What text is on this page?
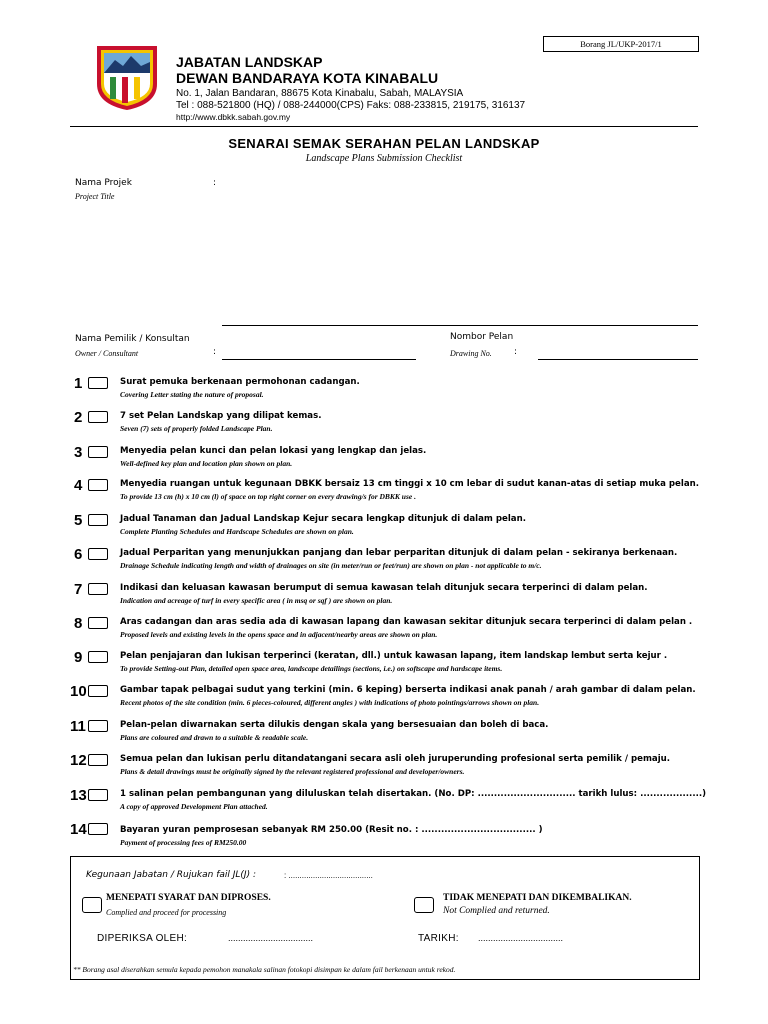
Borang JL/UKP-2017/1
JABATAN LANDSKAP
DEWAN BANDARAYA KOTA KINABALU
No. 1, Jalan Bandaran, 88675 Kota Kinabalu, Sabah, MALAYSIA
Tel : 088-521800 (HQ) / 088-244000(CPS) Faks: 088-233815, 219175, 316137
http://www.dbkk.sabah.gov.my
SENARAI SEMAK SERAHAN PELAN LANDSKAP
Landscape Plans Submission Checklist
Nama Projek	:
Project Title
Nama Pemilik / Konsultan
Owner / Consultant	:
Nombor Pelan
Drawing No. :
1	Surat pemuka berkenaan permohonan cadangan.
Covering Letter stating the nature of proposal.
2	7 set Pelan Landskap yang dilipat kemas.
Seven (7) sets of properly folded Landscape Plan.
3	Menyedia pelan kunci dan pelan lokasi yang lengkap dan jelas.
Well-defined key plan and location plan shown on plan.
4	Menyedia ruangan untuk kegunaan DBKK bersaiz 13 cm tinggi x 10 cm lebar di sudut kanan-atas di setiap muka pelan.
To provide 13 cm (h) x 10 cm (l) of space on top right corner on every drawing/s for DBKK use .
5	Jadual Tanaman dan Jadual Landskap Kejur secara lengkap ditunjuk di dalam pelan.
Complete Planting Schedules and Hardscape Schedules are shown on plan.
6	Jadual Perparitan yang menunjukkan panjang dan lebar perparitan ditunjuk di dalam pelan - sekiranya berkenaan.
Drainage Schedule indicating length and width of drainages on site (in meter/run or feet/run) are shown on plan - not applicable to m/c.
7	Indikasi dan keluasan kawasan berumput di semua kawasan telah ditunjuk secara terperinci di dalam pelan.
Indication and acreage of turf in every specific area ( in msq or sqf ) are shown on plan.
8	Aras cadangan dan aras sedia ada di kawasan lapang dan kawasan sekitar ditunjuk secara terperinci di dalam pelan .
Proposed levels and existing levels in the opens space and in adjacent/nearby areas are shown on plan.
9	Pelan penjajaran dan lukisan terperinci (keratan, dll.) untuk kawasan lapang, item landskap lembut serta kejur .
To provide Setting-out Plan, detailed open space area, landscape detailings (sections, i.e.) on softscape and hardscape items.
10	Gambar tapak pelbagai sudut yang terkini (min. 6 keping) berserta indikasi anak panah / arah gambar di dalam pelan.
Recent photos of the site condition (min. 6 pieces-coloured, different angles ) with indications of photo pointings/arrows shown on plan.
11	Pelan-pelan diwarnakan serta dilukis dengan skala yang bersesuaian dan boleh di baca.
Plans are coloured and drawn to a suitable & readable scale.
12	Semua pelan dan lukisan perlu ditandatangani secara asli oleh juruperunding profesional serta pemilik / pemaju.
Plans & detail drawings must be originally signed by the relevant registered professional and developer/owners.
13	1 salinan pelan pembangunan yang diluluskan telah disertakan. (No. DP: .............................. tarikh lulus: ...................)
A copy of approved Development Plan attached.
14	Bayaran yuran pemprosesan sebanyak RM 250.00 (Resit no. : ................................... )
Payment of processing fees of RM250.00
Kegunaan Jabatan / Rujukan fail JL(J) :	: ......................................
MENEPATI SYARAT DAN DIPROSES.
Complied and proceed for processing
TIDAK MENEPATI DAN DIKEMBALIKAN.
Not Complied and returned.
DIPERIKSA OLEH:	..................................	TARIKH: ..................................
** Borang asal diserahkan semula kepada pemohon manakala salinan fotokopi disimpan ke dalam fail berkenaan untuk rekod.
